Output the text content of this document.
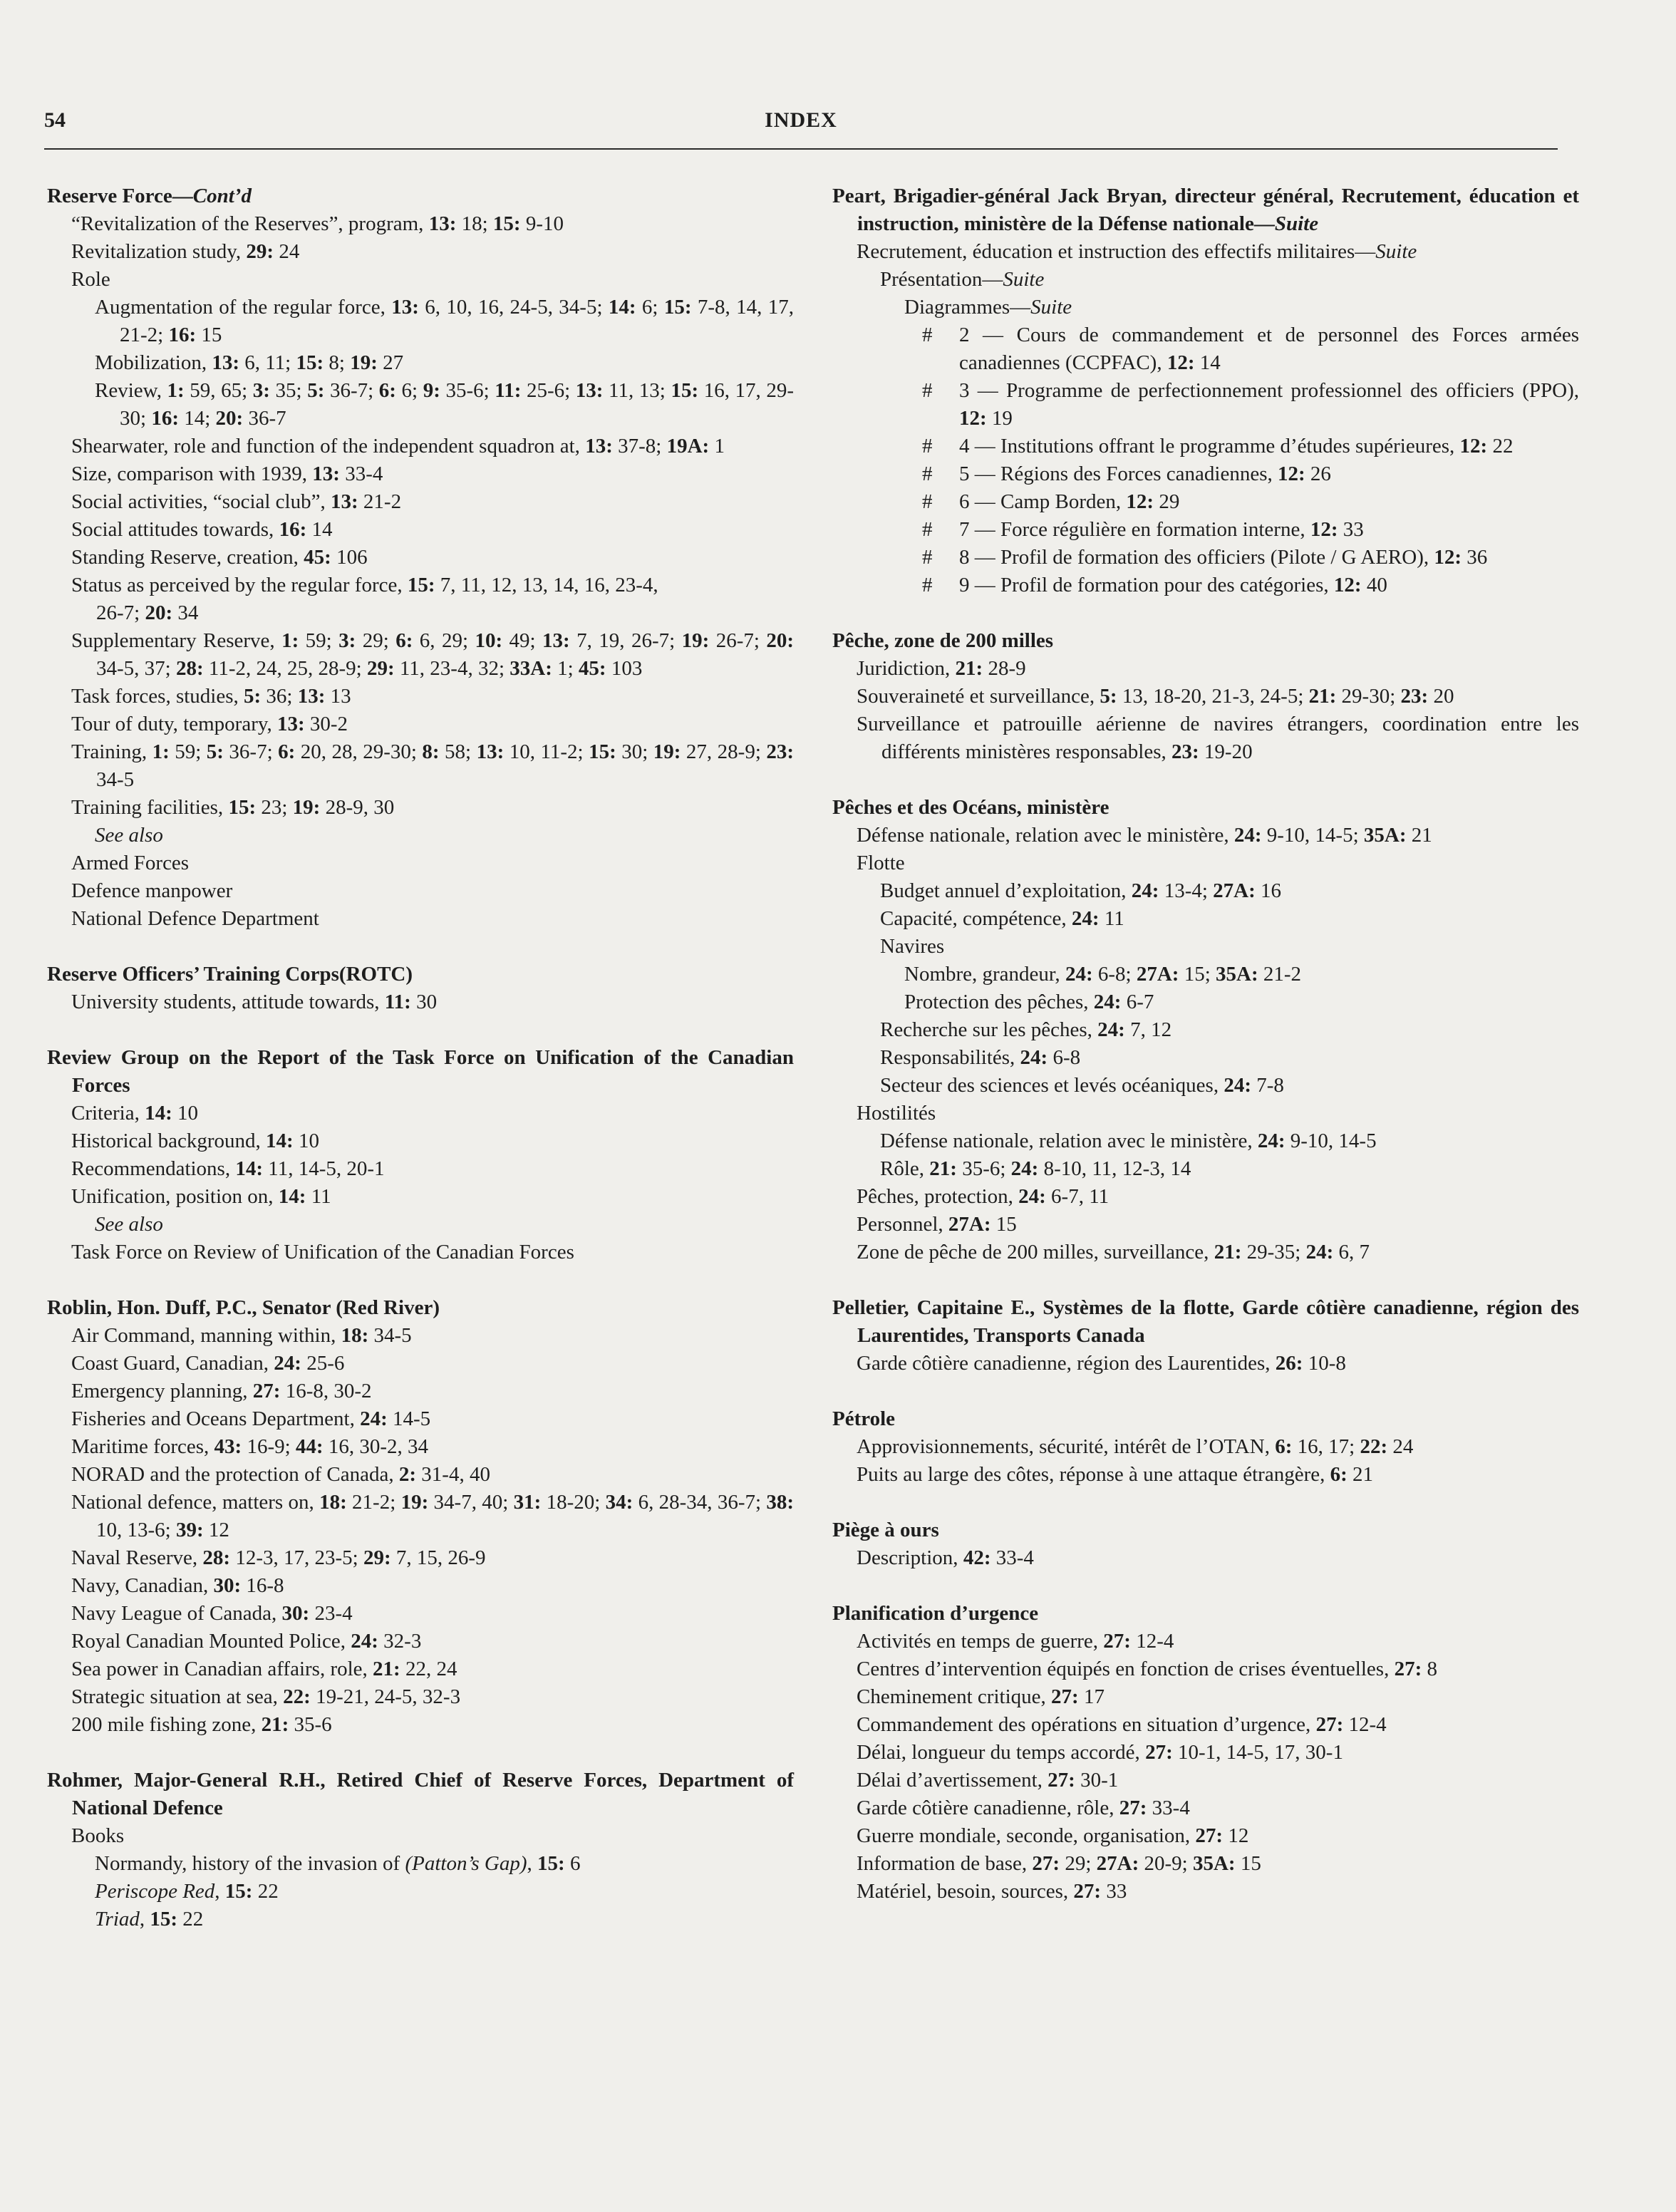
54	INDEX
Reserve Force—Cont’d
“Revitalization of the Reserves”, program, 13: 18; 15: 9-10
Revitalization study, 29: 24
Role
Augmentation of the regular force, 13: 6, 10, 16, 24-5, 34-5; 14: 6; 15: 7-8, 14, 17, 21-2; 16: 15
Mobilization, 13: 6, 11; 15: 8; 19: 27
Review, 1: 59, 65; 3: 35; 5: 36-7; 6: 6; 9: 35-6; 11: 25-6; 13: 11, 13; 15: 16, 17, 29-30; 16: 14; 20: 36-7
Shearwater, role and function of the independent squadron at, 13: 37-8; 19A: 1
Size, comparison with 1939, 13: 33-4
Social activities, “social club”, 13: 21-2
Social attitudes towards, 16: 14
Standing Reserve, creation, 45: 106
Status as perceived by the regular force, 15: 7, 11, 12, 13, 14, 16, 23-4,
26-7; 20: 34
Supplementary Reserve, 1: 59; 3: 29; 6: 6, 29; 10: 49; 13: 7, 19, 26-7; 19: 26-7; 20: 34-5, 37; 28: 11-2, 24, 25, 28-9; 29: 11, 23-4, 32; 33A: 1; 45: 103
Task forces, studies, 5: 36; 13: 13
Tour of duty, temporary, 13: 30-2
Training, 1: 59; 5: 36-7; 6: 20, 28, 29-30; 8: 58; 13: 10, 11-2; 15: 30; 19: 27, 28-9; 23: 34-5
Training facilities, 15: 23; 19: 28-9, 30
See also
Armed Forces
Defence manpower
National Defence Department
Reserve Officers’ Training Corps(ROTC)
University students, attitude towards, 11: 30
Review Group on the Report of the Task Force on Unification of the Canadian Forces
Criteria, 14: 10
Historical background, 14: 10
Recommendations, 14: 11, 14-5, 20-1
Unification, position on, 14: 11
See also
Task Force on Review of Unification of the Canadian Forces
Roblin, Hon. Duff, P.C., Senator (Red River)
Air Command, manning within, 18: 34-5
Coast Guard, Canadian, 24: 25-6
Emergency planning, 27: 16-8, 30-2
Fisheries and Oceans Department, 24: 14-5
Maritime forces, 43: 16-9; 44: 16, 30-2, 34
NORAD and the protection of Canada, 2: 31-4, 40
National defence, matters on, 18: 21-2; 19: 34-7, 40; 31: 18-20; 34: 6, 28-34, 36-7; 38: 10, 13-6; 39: 12
Naval Reserve, 28: 12-3, 17, 23-5; 29: 7, 15, 26-9
Navy, Canadian, 30: 16-8
Navy League of Canada, 30: 23-4
Royal Canadian Mounted Police, 24: 32-3
Sea power in Canadian affairs, role, 21: 22, 24
Strategic situation at sea, 22: 19-21, 24-5, 32-3
200 mile fishing zone, 21: 35-6
Rohmer, Major-General R.H., Retired Chief of Reserve Forces, Department of National Defence
Books
Normandy, history of the invasion of (Patton’s Gap), 15: 6
Periscope Red, 15: 22
Triad, 15: 22
Peart, Brigadier-général Jack Bryan, directeur général, Recrutement, éducation et instruction, ministère de la Défense nationale—Suite
Recrutement, éducation et instruction des effectifs militaires—Suite
Présentation—Suite
Diagrammes—Suite
# 2 — Cours de commandement et de personnel des Forces armées canadiennes (CCPFAC), 12: 14
# 3 — Programme de perfectionnement professionnel des officiers (PPO), 12: 19
# 4 — Institutions offrant le programme d’études supérieures, 12: 22
# 5 — Régions des Forces canadiennes, 12: 26
# 6 — Camp Borden, 12: 29
# 7 — Force régulière en formation interne, 12: 33
# 8 — Profil de formation des officiers (Pilote / G AERO), 12: 36
# 9 — Profil de formation pour des catégories, 12: 40
Pêche, zone de 200 milles
Juridiction, 21: 28-9
Souveraineté et surveillance, 5: 13, 18-20, 21-3, 24-5; 21: 29-30; 23: 20
Surveillance et patrouille aérienne de navires étrangers, coordination entre les différents ministères responsables, 23: 19-20
Pêches et des Océans, ministère
Défense nationale, relation avec le ministère, 24: 9-10, 14-5; 35A: 21
Flotte
Budget annuel d’exploitation, 24: 13-4; 27A: 16
Capacité, compétence, 24: 11
Navires
Nombre, grandeur, 24: 6-8; 27A: 15; 35A: 21-2
Protection des pêches, 24: 6-7
Recherche sur les pêches, 24: 7, 12
Responsabilités, 24: 6-8
Secteur des sciences et levés océaniques, 24: 7-8
Hostilités
Défense nationale, relation avec le ministère, 24: 9-10, 14-5
Rôle, 21: 35-6; 24: 8-10, 11, 12-3, 14
Pêches, protection, 24: 6-7, 11
Personnel, 27A: 15
Zone de pêche de 200 milles, surveillance, 21: 29-35; 24: 6, 7
Pelletier, Capitaine E., Systèmes de la flotte, Garde côtière canadienne, région des Laurentides, Transports Canada
Garde côtière canadienne, région des Laurentides, 26: 10-8
Pétrole
Approvisionnements, sécurité, intérêt de l’OTAN, 6: 16, 17; 22: 24
Puits au large des côtes, réponse à une attaque étrangère, 6: 21
Piège à ours
Description, 42: 33-4
Planification d’urgence
Activités en temps de guerre, 27: 12-4
Centres d’intervention équipés en fonction de crises éventuelles, 27: 8
Cheminement critique, 27: 17
Commandement des opérations en situation d’urgence, 27: 12-4
Délai, longueur du temps accordé, 27: 10-1, 14-5, 17, 30-1
Délai d’avertissement, 27: 30-1
Garde côtière canadienne, rôle, 27: 33-4
Guerre mondiale, seconde, organisation, 27: 12
Information de base, 27: 29; 27A: 20-9; 35A: 15
Matériel, besoin, sources, 27: 33
